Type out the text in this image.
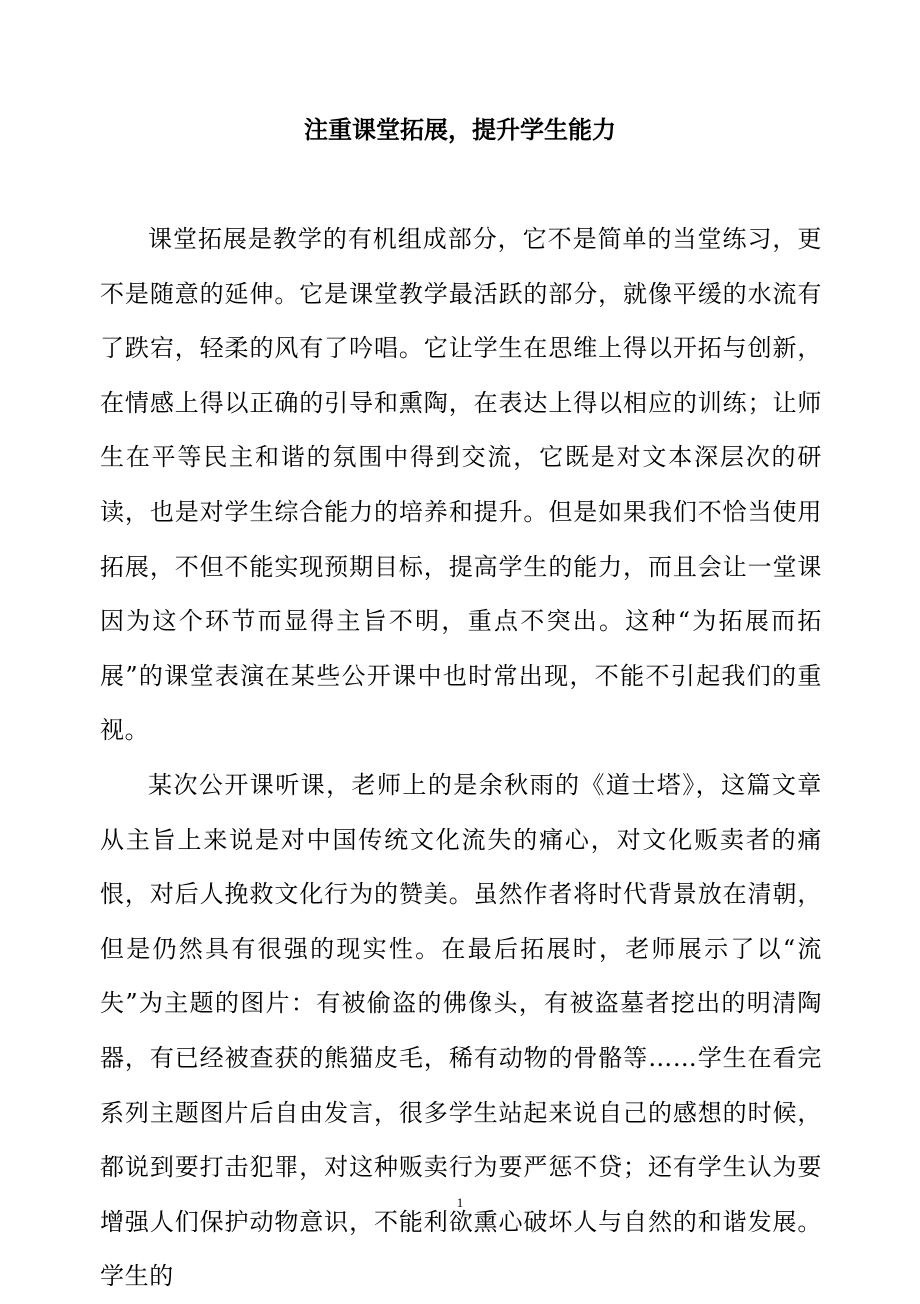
注重课堂拓展，提升学生能力

课堂拓展是教学的有机组成部分，它不是简单的当堂练习，更不是随意的延伸。它是课堂教学最活跃的部分，就像平缓的水流有了跌宕，轻柔的风有了吟唱。它让学生在思维上得以开拓与创新，在情感上得以正确的引导和熏陶，在表达上得以相应的训练；让师生在平等民主和谐的氛围中得到交流，它既是对文本深层次的研读，也是对学生综合能力的培养和提升。但是如果我们不恰当使用拓展，不但不能实现预期目标，提高学生的能力，而且会让一堂课因为这个环节而显得主旨不明，重点不突出。这种“为拓展而拓展”的课堂表演在某些公开课中也时常出现，不能不引起我们的重视。

某次公开课听课，老师上的是余秋雨的《道士塔》，这篇文章从主旨上来说是对中国传统文化流失的痛心，对文化贩卖者的痛恨，对后人挽救文化行为的赞美。虽然作者将时代背景放在清朝，但是仍然具有很强的现实性。在最后拓展时，老师展示了以“流失”为主题的图片：有被偷盗的佛像头，有被盗墓者挖出的明清陶器，有已经被查获的熊猫皮毛，稀有动物的骨骼等……学生在看完系列主题图片后自由发言，很多学生站起来说自己的感想的时候，都说到要打击犯罪，对这种贩卖行为要严惩不贷；还有学生认为要增强人们保护动物意识，不能利欲熏心破坏人与自然的和谐发展。学生的

1
